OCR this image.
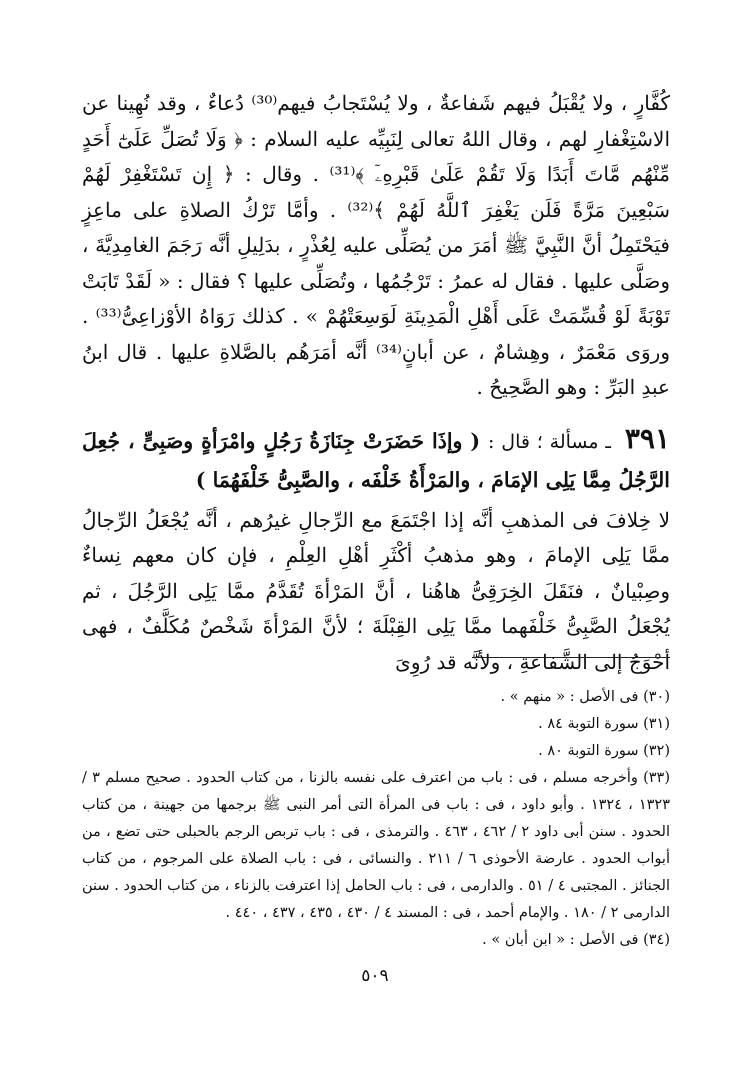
كُفَّارٍ ، ولا يُقْبَلُ فيهم شَفاعةٌ ، ولا يُسْتَجابُ فيهم⁽³⁰⁾ دُعاءٌ ، وقد نُهِينا عن الاسْتِغْفارِ لهم ، وقال اللهُ تعالى لِنَبِيِّه عليه السلام : ﴿ وَلَا تُصَلِّ عَلَىٰٓ أَحَدٍ مِّنْهُم مَّاتَ أَبَدًا وَلَا تَقُمْ عَلَىٰ قَبْرِهِۦٓ ﴾⁽³¹⁾ . وقال : ﴿ إِن تَسْتَغْفِرْ لَهُمْ سَبْعِينَ مَرَّةً فَلَن يَغْفِرَ ٱللَّهُ لَهُمْ ﴾⁽³²⁾ . وأمَّا تَرْكُ الصلاةِ على ماعِزٍ فيَحْتَمِلُ أنَّ النَّبِيَّ ﷺ أمَرَ من يُصَلِّى عليه لِعُذْرٍ ، بدَلِيلِ أنَّه رَجَمَ الغامِدِيَّةَ ، وصَلَّى عليها . فقال له عمرُ : تَرْجُمُها ، وتُصَلِّى عليها ؟ فقال : « لَقَدْ تَابَتْ تَوْبَةً لَوْ قُسِّمَتْ عَلَى أَهْلِ الْمَدِينَةِ لَوَسِعَتْهُمْ » . كذلك رَوَاهُ الأوْزاعِىُّ⁽³³⁾ . وروَى مَعْمَرٌ ، وهِشامٌ ، عن أبانٍ⁽³⁴⁾ أنَّه أمَرَهُم بالصَّلاةِ عليها . قال ابنُ عبدِ البَرِّ : وهو الصَّحِيحُ .

٣٩١ ـ مسألة ؛ قال : ( وإذَا حَضَرَتْ جِنَازَةُ رَجُلٍ وامْرَأةٍ وصَبِىٍّ ، جُعِلَ الرَّجُلُ مِمَّا يَلِى الإمَامَ ، والمَرْأَةُ خَلْفَه ، والصَّبِىُّ خَلْفَهُمَا )

لا خِلافَ فى المذهبِ أنَّه إذا اجْتَمَعَ مع الرِّجالِ غيرُهم ، أنَّه يُجْعَلُ الرِّجالُ ممَّا يَلِى الإمامَ ، وهو مذهبُ أكْثَرِ أهْلِ العِلْمِ ، فإن كان معهم نِساءٌ وصِبْيانٌ ، فنَقَلَ الخِرَقِىُّ هاهُنا ، أنَّ المَرْأةَ تُقَدَّمُ ممَّا يَلِى الرَّجُلَ ، ثم يُجْعَلُ الصَّبِىُّ خَلْفَهما ممَّا يَلِى القِبْلَةَ ؛ لأنَّ المَرْأةَ شَخْصٌ مُكَلَّفٌ ، فهى أحْوَجُ إلى الشَّفاعةِ ، ولأنَّه قد رُوِىَ

(٣٠) فى الأصل : « منهم » .

(٣١) سورة التوبة ٨٤ .

(٣٢) سورة التوبة ٨٠ .

(٣٣) وأخرجه مسلم ، فى : باب من اعترف على نفسه بالزنا ، من كتاب الحدود . صحيح مسلم ٣ / ١٣٢٣ ، ١٣٢٤ . وأبو داود ، فى : باب فى المرأة التى أمر النبى ﷺ برجمها من جهينة ، من كتاب الحدود . سنن أبى داود ٢ / ٤٦٢ ، ٤٦٣ . والترمذى ، فى : باب تربص الرجم بالحبلى حتى تضع ، من أبواب الحدود . عارضة الأحوذى ٦ / ٢١١ . والنسائى ، فى : باب الصلاة على المرجوم ، من كتاب الجنائز . المجتبى ٤ / ٥١ . والدارمى ، فى : باب الحامل إذا اعترفت بالزناء ، من كتاب الحدود . سنن الدارمى ٢ / ١٨٠ . والإمام أحمد ، فى : المسند ٤ / ٤٣٠ ، ٤٣٥ ، ٤٣٧ ، ٤٤٠ .

(٣٤) فى الأصل : « ابن أبان » .

٥٠٩
